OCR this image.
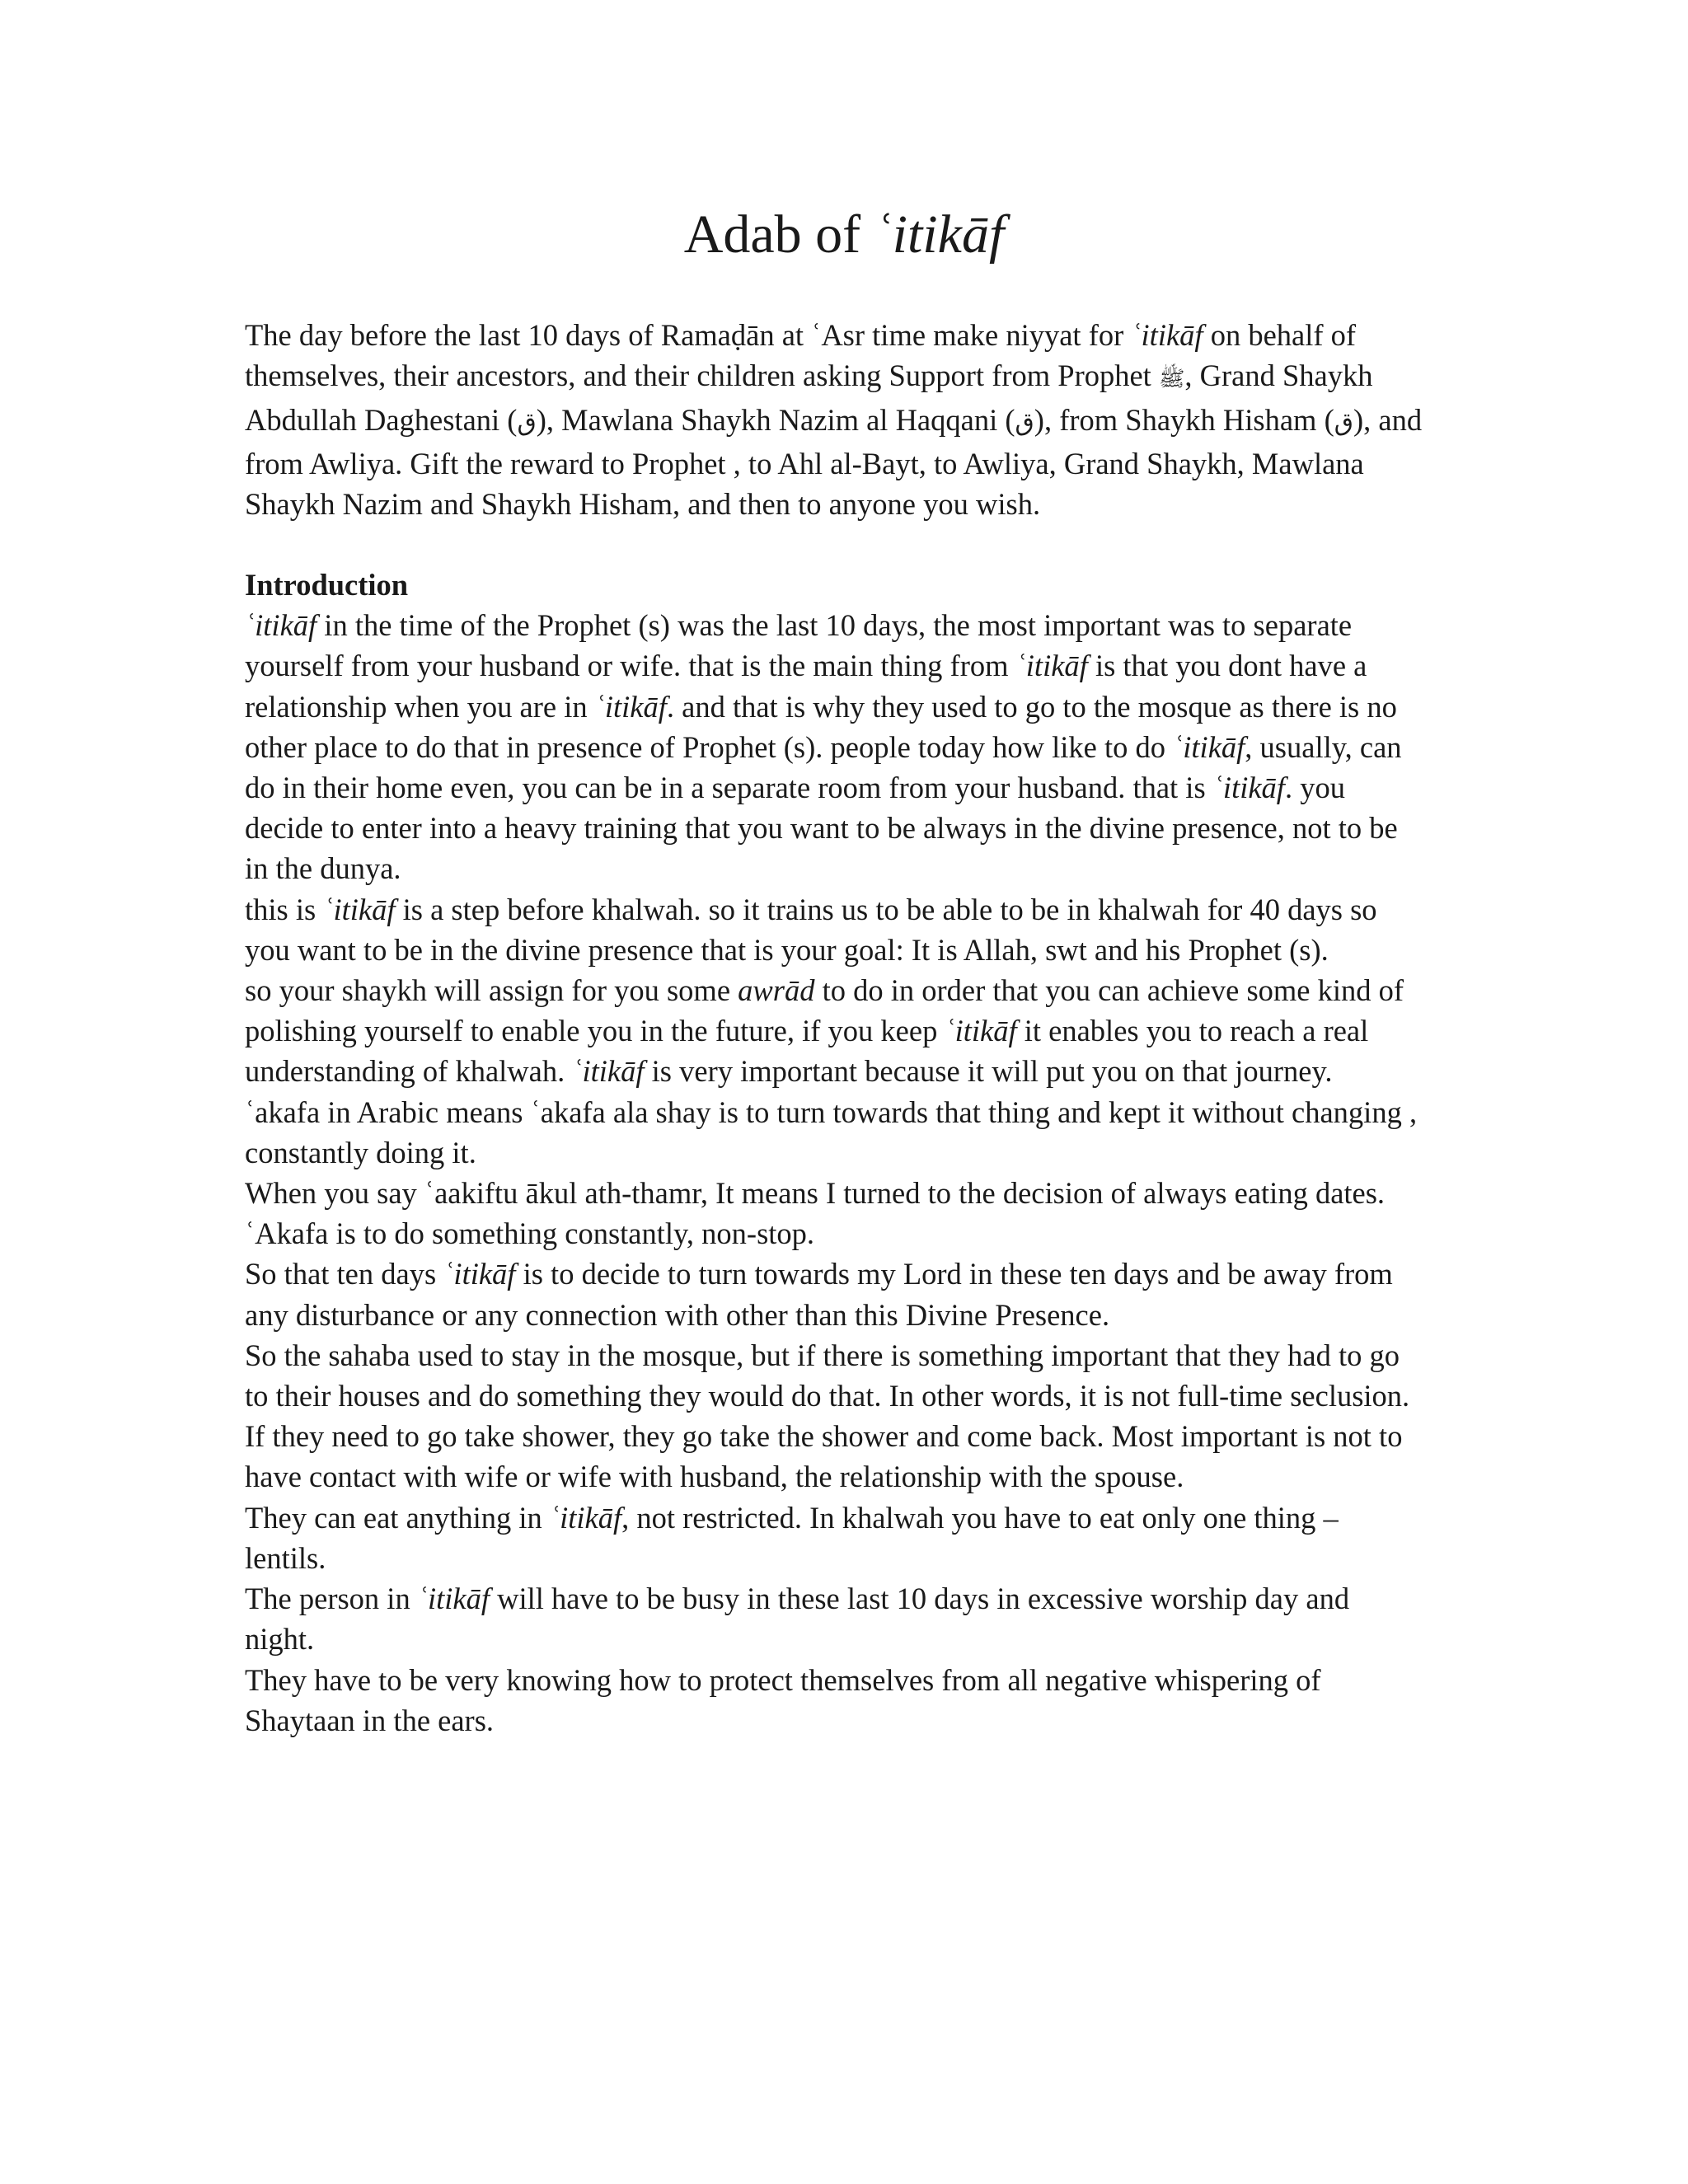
Adab of ʿitikāf

The day before the last 10 days of Ramaḍān at ʿAsr time make niyyat for ʿitikāf on behalf of themselves, their ancestors, and their children asking Support from Prophet ﷺ, Grand Shaykh Abdullah Daghestani (ق), Mawlana Shaykh Nazim al Haqqani (ق), from Shaykh Hisham (ق), and from Awliya. Gift the reward to Prophet , to Ahl al-Bayt, to Awliya, Grand Shaykh, Mawlana Shaykh Nazim and Shaykh Hisham, and then to anyone you wish.

Introduction

ʿitikāf in the time of the Prophet (s) was the last 10 days, the most important was to separate yourself from your husband or wife. that is the main thing from ʿitikāf is that you dont have a relationship when you are in ʿitikāf. and that is why they used to go to the mosque as there is no other place to do that in presence of Prophet (s). people today how like to do ʿitikāf, usually, can do in their home even, you can be in a separate room from your husband. that is ʿitikāf. you decide to enter into a heavy training that you want to be always in the divine presence, not to be in the dunya.

this is ʿitikāf is a step before khalwah. so it trains us to be able to be in khalwah for 40 days so you want to be in the divine presence that is your goal: It is Allah, swt and his Prophet (s).

so your shaykh will assign for you some awrād to do in order that you can achieve some kind of polishing yourself to enable you in the future, if you keep ʿitikāf it enables you to reach a real understanding of khalwah. ʿitikāf is very important because it will put you on that journey.

ʿakafa in Arabic means ʿakafa ala shay is to turn towards that thing and kept it without changing , constantly doing it.

When you say ʿaakiftu ākul ath-thamr, It means I turned to the decision of always eating dates. ʿAkafa is to do something constantly, non-stop.

So that ten days ʿitikāf is to decide to turn towards my Lord in these ten days and be away from any disturbance or any connection with other than this Divine Presence.

So the sahaba used to stay in the mosque, but if there is something important that they had to go to their houses and do something they would do that. In other words, it is not full-time seclusion.

If they need to go take shower, they go take the shower and come back. Most important is not to have contact with wife or wife with husband, the relationship with the spouse.

They can eat anything in ʿitikāf, not restricted. In khalwah you have to eat only one thing – lentils.

The person in ʿitikāf will have to be busy in these last 10 days in excessive worship day and night.

They have to be very knowing how to protect themselves from all negative whispering of Shaytaan in the ears.
